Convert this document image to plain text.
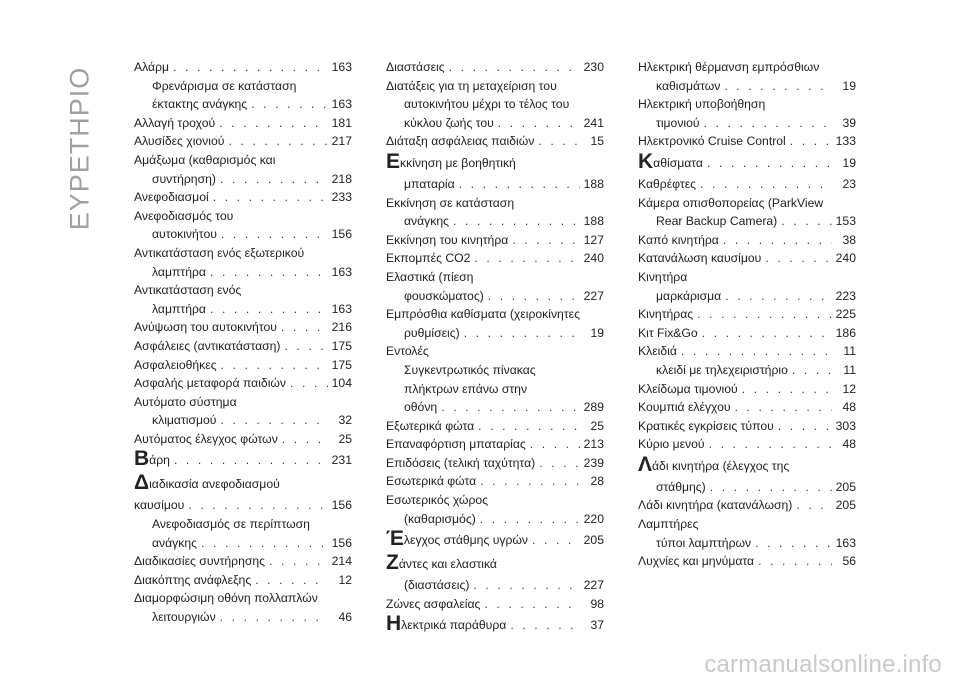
ΕΥΡΕΤΗΡΙΟ	Αλάρμ . . .	163
Φρενάρισμα σε κατάσταση
έκτακτης ανάγκης . . .	163
Αλλαγή τροχού . . .	181
Αλυσίδες χιονιού . . .	217
Αμάξωμα (καθαρισμός και
συντήρηση) . . .	218
Ανεφοδιασμοί . . .	233
Ανεφοδιασμός του
αυτοκινήτου . . .	156
Αντικατάσταση ενός εξωτερικού
λαμπτήρα . . .	163
Αντικατάσταση ενός
λαμπτήρα . . .	163
Ανύψωση του αυτοκινήτου . . .	216
Ασφάλειες (αντικατάσταση) . . .	175
Ασφαλειοθήκες . . .	175
Ασφαλής μεταφορά παιδιών . . .	104
Αυτόματο σύστημα
κλιματισμού . . .	32
Αυτόματος έλεγχος φώτων . . .	25
Βάρη . . .	231
Διαδικασία ανεφοδιασμού
καυσίμου . . .	156
Ανεφοδιασμός σε περίπτωση
ανάγκης . . .	156
Διαδικασίες συντήρησης . . .	214
Διακόπτης ανάφλεξης . . .	12
Διαμορφώσιμη οθόνη πολλαπλών
λειτουργιών . . .	46
Διαστάσεις . . .	230
Διατάξεις για τη μεταχείριση του
αυτοκινήτου μέχρι το τέλος του
κύκλου ζωής του . . .	241
Διάταξη ασφάλειας παιδιών . . .	15
Εκκίνηση με βοηθητική
μπαταρία . . .	188
Εκκίνηση σε κατάσταση
ανάγκης . . .	188
Εκκίνηση του κινητήρα . . .	127
Εκπομπές CO2 . . .	240
Ελαστικά (πίεση
φουσκώματος) . . .	227
Εμπρόσθια καθίσματα (χειροκίνητες
ρυθμίσεις) . . .	19
Εντολές
Συγκεντρωτικός πίνακας
πλήκτρων επάνω στην
οθόνη . . .	289
Εξωτερικά φώτα . . .	25
Επαναφόρτιση μπαταρίας . . .	213
Επιδόσεις (τελική ταχύτητα) . . .	239
Εσωτερικά φώτα . . .	28
Εσωτερικός χώρος
(καθαρισμός) . . .	220
Έλεγχος στάθμης υγρών . . .	205
Ζάντες και ελαστικά
(διαστάσεις) . . .	227
Ζώνες ασφαλείας . . .	98
Ηλεκτρικά παράθυρα . . .	37
Ηλεκτρική θέρμανση εμπρόσθιων
καθισμάτων . . .	19
Ηλεκτρική υποβοήθηση
τιμονιού . . .	39
Ηλεκτρονικό Cruise Control . . .	133
Καθίσματα . . .	19
Καθρέφτες . . .	23
Κάμερα οπισθοπορείας (ParkView
Rear Backup Camera) . . .	153
Καπό κινητήρα . . .	38
Κατανάλωση καυσίμου . . .	240
Κινητήρα
μαρκάρισμα . . .	223
Κινητήρας . . .	225
Κιτ Fix&Go . . .	186
Κλειδιά . . .	11
κλειδί με τηλεχειριστήριο . . .	11
Κλείδωμα τιμονιού . . .	12
Κουμπιά ελέγχου . . .	48
Κρατικές εγκρίσεις τύπου . . .	303
Κύριο μενού . . .	48
Λάδι κινητήρα (έλεγχος της
στάθμης) . . .	205
Λάδι κινητήρα (κατανάλωση) . . .	205
Λαμπτήρες
τύποι λαμπτήρων . . .	163
Λυχνίες και μηνύματα . . .	56
carmanualsonline.info
